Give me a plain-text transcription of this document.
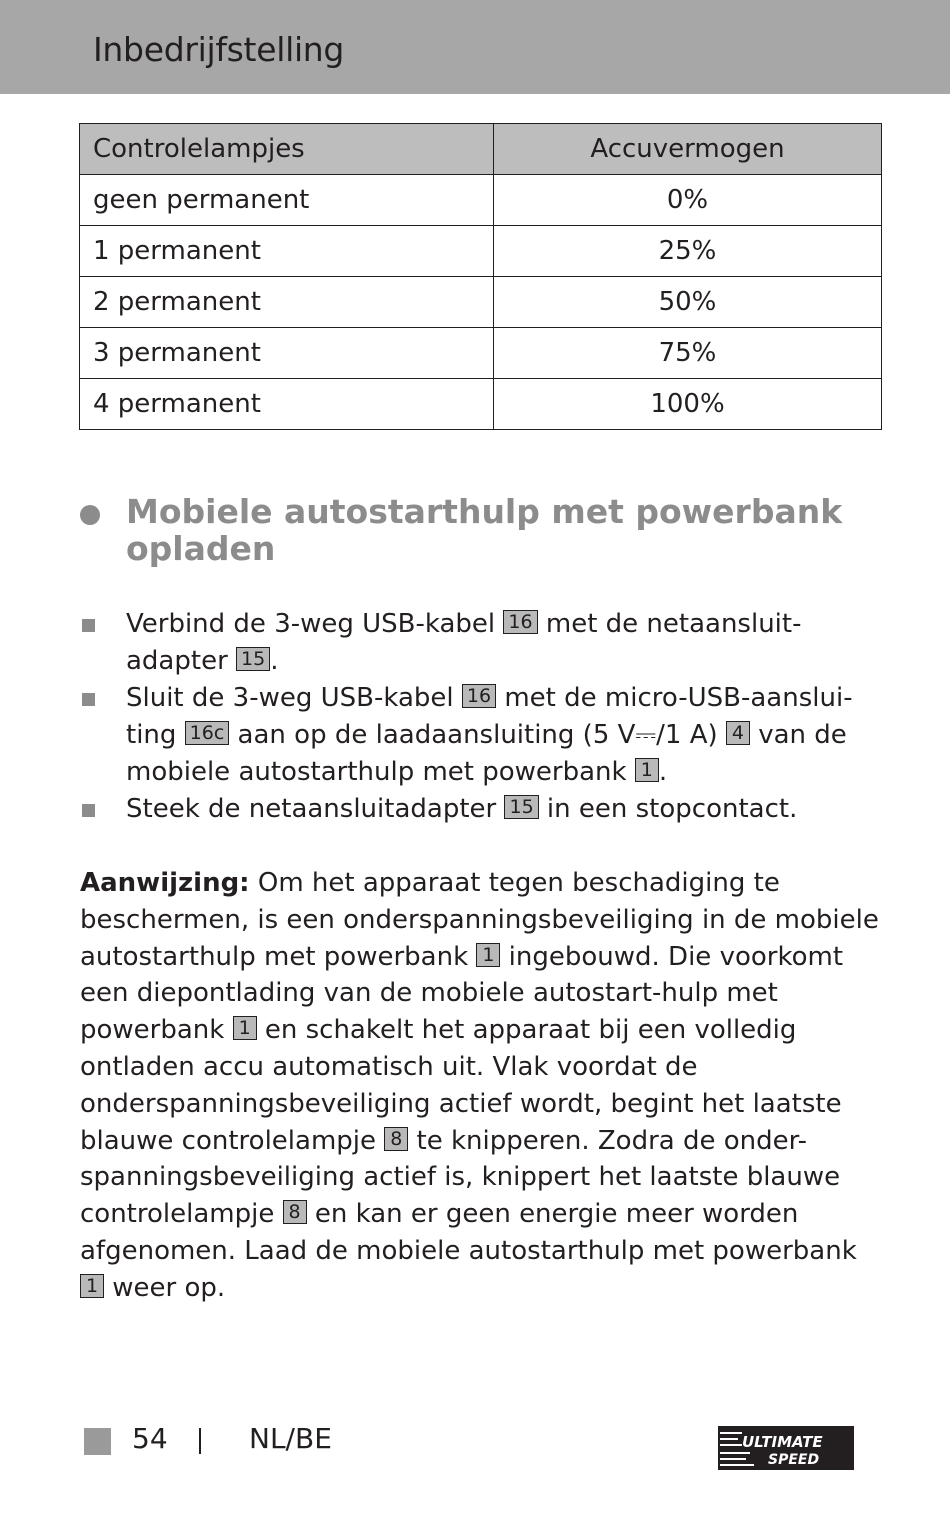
Inbedrijfstelling
Controlelampjes	Accuvermogen
geen permanent	0%
1 permanent	25%
2 permanent	50%
3 permanent	75%
4 permanent	100%
Mobiele autostarthulp met powerbank opladen
Verbind de 3-weg USB-kabel 16 met de netaansluit-adapter 15 .
Sluit de 3-weg USB-kabel 16 met de micro-USB-aanslui-ting 16c aan op de laadaansluiting (5 V⎓/1 A) 4 van de mobiele autostarthulp met powerbank 1 .
Steek de netaansluitadapter 15 in een stopcontact.
Aanwijzing: Om het apparaat tegen beschadiging te beschermen, is een onderspanningsbeveiliging in de mobiele autostarthulp met powerbank 1 ingebouwd. Die voorkomt een diepontlading van de mobiele autostart-hulp met powerbank 1 en schakelt het apparaat bij een volledig ontladen accu automatisch uit. Vlak voordat de onderspanningsbeveiliging actief wordt, begint het laatste blauwe controlelampje 8 te knipperen. Zodra de onder-spanningsbeveiliging actief is, knippert het laatste blauwe controlelampje 8 en kan er geen energie meer worden afgenomen. Laad de mobiele autostarthulp met powerbank 1 weer op.
54	NL/BE	ULTIMATE
SPEED
